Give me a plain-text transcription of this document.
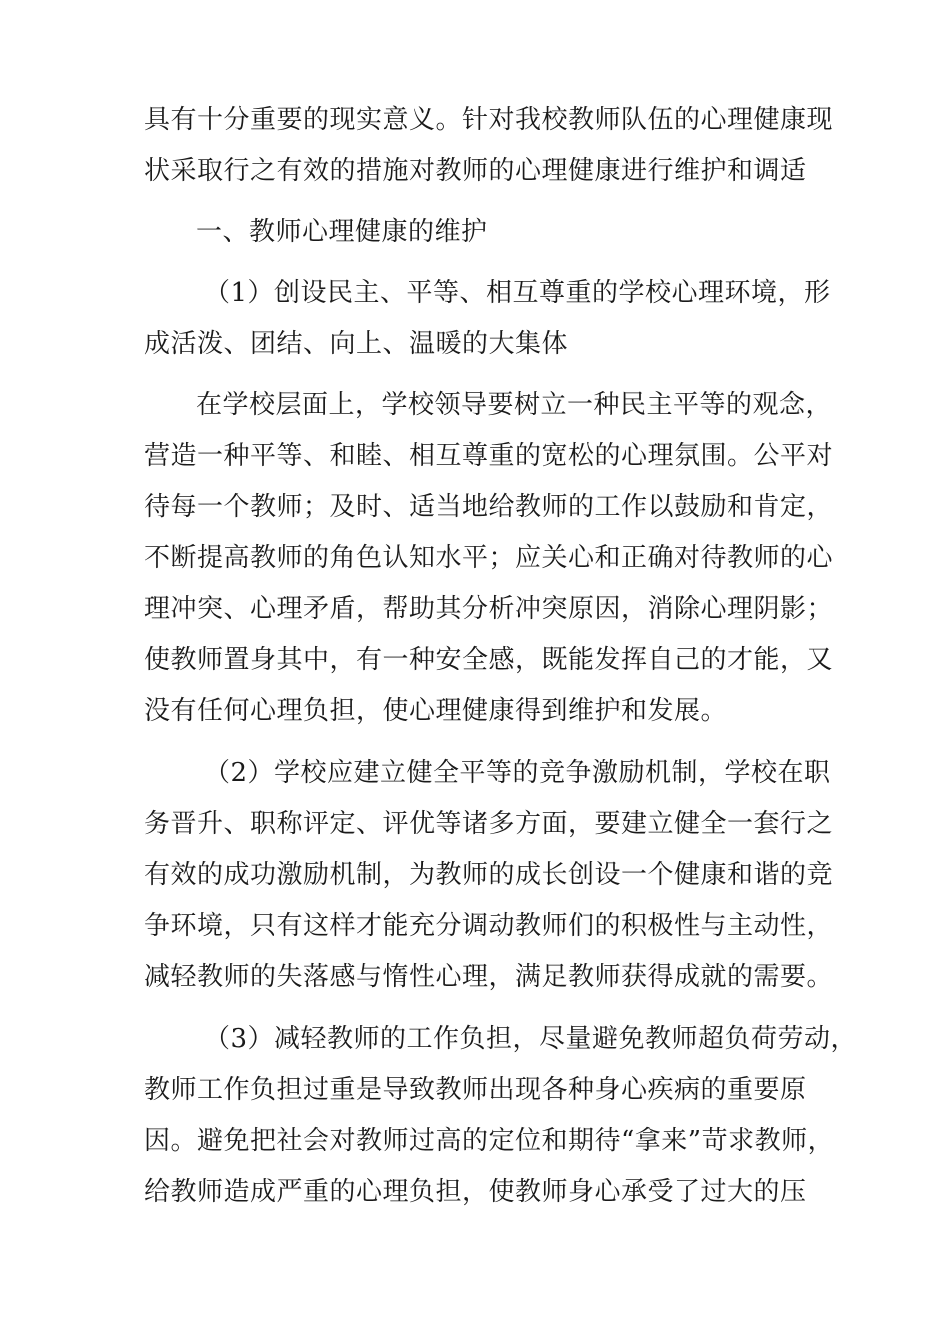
具有十分重要的现实意义。针对我校教师队伍的心理健康现
状采取行之有效的措施对教师的心理健康进行维护和调适
一、教师心理健康的维护
（1）创设民主、平等、相互尊重的学校心理环境，形
成活泼、团结、向上、温暖的大集体
在学校层面上，学校领导要树立一种民主平等的观念，
营造一种平等、和睦、相互尊重的宽松的心理氛围。公平对
待每一个教师；及时、适当地给教师的工作以鼓励和肯定，
不断提高教师的角色认知水平；应关心和正确对待教师的心
理冲突、心理矛盾，帮助其分析冲突原因，消除心理阴影；
使教师置身其中，有一种安全感，既能发挥自己的才能，又
没有任何心理负担，使心理健康得到维护和发展。
（2）学校应建立健全平等的竞争激励机制，学校在职
务晋升、职称评定、评优等诸多方面，要建立健全一套行之
有效的成功激励机制，为教师的成长创设一个健康和谐的竞
争环境，只有这样才能充分调动教师们的积极性与主动性，
减轻教师的失落感与惰性心理，满足教师获得成就的需要。
（3）减轻教师的工作负担，尽量避免教师超负荷劳动，
教师工作负担过重是导致教师出现各种身心疾病的重要原
因。避免把社会对教师过高的定位和期待“拿来”苛求教师，
给教师造成严重的心理负担，使教师身心承受了过大的压
